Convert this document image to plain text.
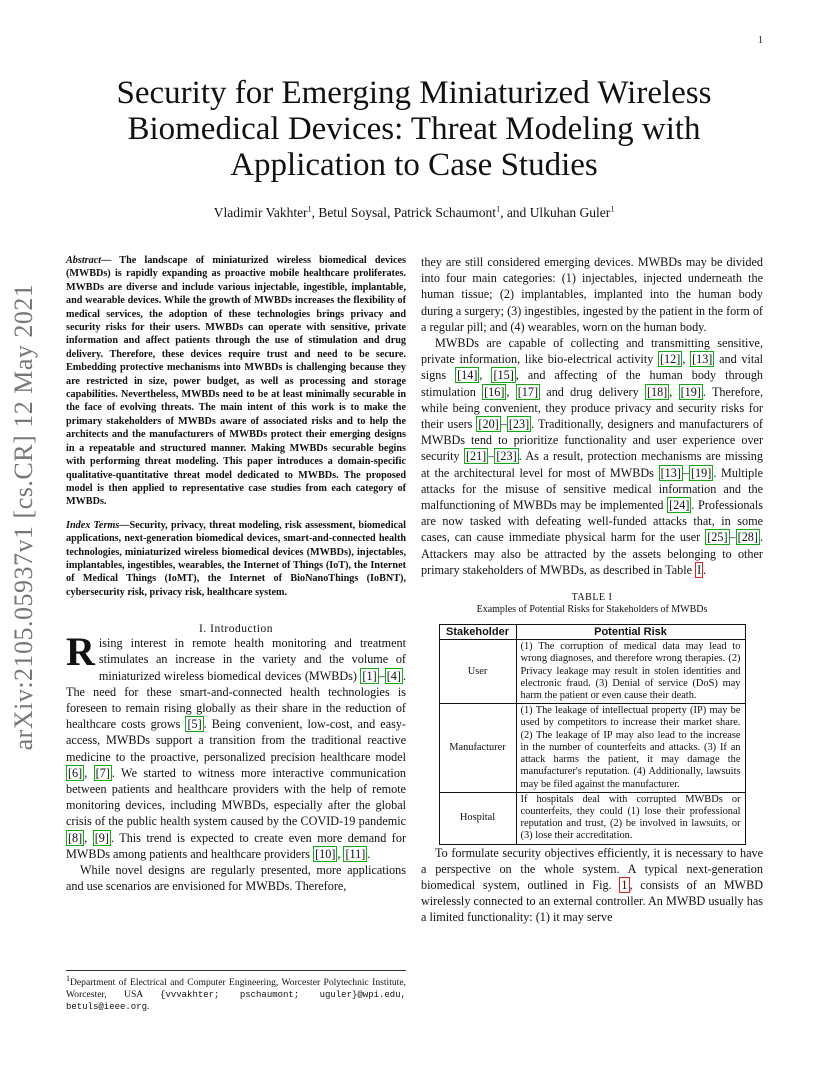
1
arXiv:2105.05937v1 [cs.CR] 12 May 2021
Security for Emerging Miniaturized Wireless Biomedical Devices: Threat Modeling with Application to Case Studies
Vladimir Vakhter$^1$, Betul Soysal, Patrick Schaumont$^1$, and Ulkuhan Guler$^1$
Abstract— The landscape of miniaturized wireless biomedical devices (MWBDs) is rapidly expanding as proactive mobile healthcare proliferates. MWBDs are diverse and include various injectable, ingestible, implantable, and wearable devices. While the growth of MWBDs increases the flexibility of medical services, the adoption of these technologies brings privacy and security risks for their users. MWBDs can operate with sensitive, private information and affect patients through the use of stimulation and drug delivery. Therefore, these devices require trust and need to be secure. Embedding protective mechanisms into MWBDs is challenging because they are restricted in size, power budget, as well as processing and storage capabilities. Nevertheless, MWBDs need to be at least minimally securable in the face of evolving threats. The main intent of this work is to make the primary stakeholders of MWBDs aware of associated risks and to help the architects and the manufacturers of MWBDs protect their emerging designs in a repeatable and structured manner. Making MWBDs securable begins with performing threat modeling. This paper introduces a domain-specific qualitative-quantitative threat model dedicated to MWBDs. The proposed model is then applied to representative case studies from each category of MWBDs.
Index Terms—Security, privacy, threat modeling, risk assessment, biomedical applications, next-generation biomedical devices, smart-and-connected health technologies, miniaturized wireless biomedical devices (MWBDs), injectables, implantables, ingestibles, wearables, the Internet of Things (IoT), the Internet of Medical Things (IoMT), the Internet of BioNanoThings (IoBNT), cybersecurity risk, privacy risk, healthcare system.
I. Introduction

Rising interest in remote health monitoring and treatment stimulates an increase in the variety and the volume of miniaturized wireless biomedical devices (MWBDs) [1] – [4] . The need for these smart-and-connected health technologies is foreseen to remain rising globally as their share in the reduction of healthcare costs grows [5] . Being convenient, low-cost, and easy-access, MWBDs support a transition from the traditional reactive medicine to the proactive, personalized precision healthcare model [6] , [7] . We started to witness more interactive communication between patients and healthcare providers with the help of remote monitoring devices, including MWBDs, especially after the global crisis of the public health system caused by the COVID-19 pandemic [8] , [9] . This trend is expected to create even more demand for MWBDs among patients and healthcare providers [10] , [11] .

While novel designs are regularly presented, more applications and use scenarios are envisioned for MWBDs. Therefore,

$^1$Department of Electrical and Computer Engineering, Worcester Polytechnic Institute, Worcester, USA {vvvakhter; pschaumont; uguler}@wpi.edu, betuls@ieee.org.

they are still considered emerging devices. MWBDs may be divided into four main categories: (1) injectables, injected underneath the human tissue; (2) implantables, implanted into the human body during a surgery; (3) ingestibles, ingested by the patient in the form of a regular pill; and (4) wearables, worn on the human body.

MWBDs are capable of collecting and transmitting sensitive, private information, like bio-electrical activity [12] , [13] and vital signs [14] , [15] , and affecting of the human body through stimulation [16] , [17] and drug delivery [18] , [19] . Therefore, while being convenient, they produce privacy and security risks for their users [20] – [23] . Traditionally, designers and manufacturers of MWBDs tend to prioritize functionality and user experience over security [21] – [23] . As a result, protection mechanisms are missing at the architectural level for most of MWBDs [13] – [19] . Multiple attacks for the misuse of sensitive medical information and the malfunctioning of MWBDs may be implemented [24] . Professionals are now tasked with defeating well-funded attacks that, in some cases, can cause immediate physical harm for the user [25] – [28] . Attackers may also be attracted by the assets belonging to other primary stakeholders of MWBDs, as described in Table I .

TABLE I
Examples of Potential Risks for Stakeholders of MWBDs
Stakeholder	Potential Risk
User	(1) The corruption of medical data may lead to wrong diagnoses, and therefore wrong therapies. (2) Privacy leakage may result in stolen identities and electronic fraud. (3) Denial of service (DoS) may harm the patient or even cause their death.
Manufacturer	(1) The leakage of intellectual property (IP) may be used by competitors to increase their market share. (2) The leakage of IP may also lead to the increase in the number of counterfeits and attacks. (3) If an attack harms the patient, it may damage the manufacturer's reputation. (4) Additionally, lawsuits may be filed against the manufacturer.
Hospital	If hospitals deal with corrupted MWBDs or counterfeits, they could (1) lose their professional reputation and trust, (2) be involved in lawsuits, or (3) lose their accreditation.

To formulate security objectives efficiently, it is necessary to have a perspective on the whole system. A typical next-generation biomedical system, outlined in Fig. 1 , consists of an MWBD wirelessly connected to an external controller. An MWBD usually has a limited functionality: (1) it may serve
